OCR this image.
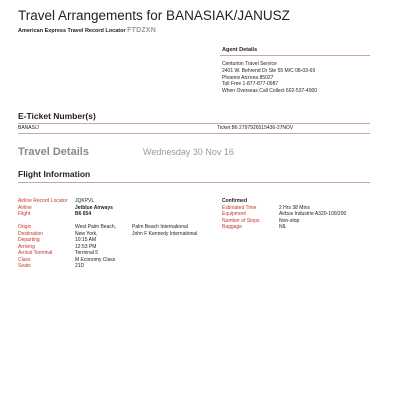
Travel Arrangements for BANASIAK/JANUSZ
American Express Travel Record Locator FTDZXN
Agent Details
Centurion Travel Service
2401 W. Behrend Dr Ste 55 M/C 08-03-69
Phoenix Arizona 85027
Toll Free 1-877-877-0987
When Overseas Call Collect 602-537-4000
E-Ticket Number(s)
BANAS/J	Ticket B6 2797926515436-27NOV
Travel Details	Wednesday 30 Nov 16
Flight Information
Airline Record Locator JQKPVL
Airline	Jetblue Airways
Flight	B6 654
Origin	West Palm Beach,	Palm Beach International
Destination	New York,	John F Kennedy International
Departing	10:15 AM
Arriving	12:53 PM
Arrival Terminal	Terminal 5
Class	M Economy Class
Seats	21D
Confirmed
Estimated Time	2 Hrs 38 Mins
Equipment	Airbus Industrie A320-100/200
Number of Stops	Non-stop
Baggage	NIL
